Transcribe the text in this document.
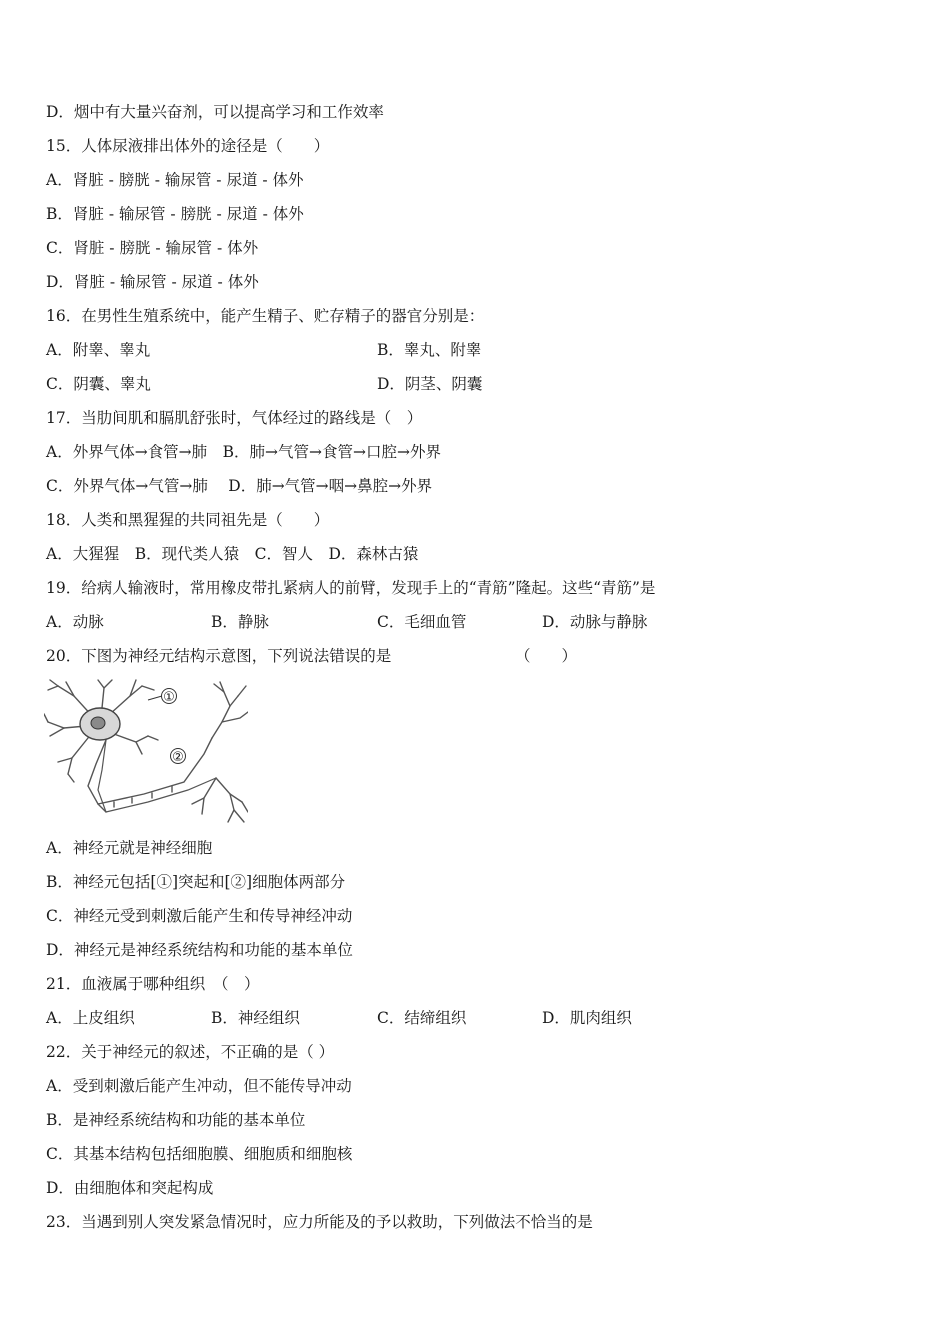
D．烟中有大量兴奋剂，可以提高学习和工作效率
15．人体尿液排出体外的途径是（　　）
A．肾脏 - 膀胱 - 输尿管 - 尿道 - 体外
B．肾脏 - 输尿管 - 膀胱 - 尿道 - 体外
C．肾脏 - 膀胱 - 输尿管 - 体外
D．肾脏 - 输尿管 - 尿道 - 体外
16．在男性生殖系统中，能产生精子、贮存精子的器官分别是：
A．附睾、睾丸	B．睾丸、附睾
C．阴囊、睾丸	D．阴茎、阴囊
17．当肋间肌和膈肌舒张时，气体经过的路线是（　）
A．外界气体→食管→肺　B．肺→气管→食管→口腔→外界
C．外界气体→气管→肺　 D．肺→气管→咽→鼻腔→外界
18．人类和黑猩猩的共同祖先是（　　）
A．大猩猩　B．现代类人猿　C．智人　D．森林古猿
19．给病人输液时，常用橡皮带扎紧病人的前臂，发现手上的“青筋”隆起。这些“青筋”是
A．动脉	B．静脉	C．毛细血管	D．动脉与静脉
20．下图为神经元结构示意图，下列说法错误的是	（　　）
①
②
A．神经元就是神经细胞
B．神经元包括[①]突起和[②]细胞体两部分
C．神经元受到刺激后能产生和传导神经冲动
D．神经元是神经系统结构和功能的基本单位
21．血液属于哪种组织　（　）
A．上皮组织	B．神经组织	C．结缔组织	D．肌肉组织
22．关于神经元的叙述，不正确的是（ ）
A．受到刺激后能产生冲动，但不能传导冲动
B．是神经系统结构和功能的基本单位
C．其基本结构包括细胞膜、细胞质和细胞核
D．由细胞体和突起构成
23．当遇到别人突发紧急情况时，应力所能及的予以救助，下列做法不恰当的是
